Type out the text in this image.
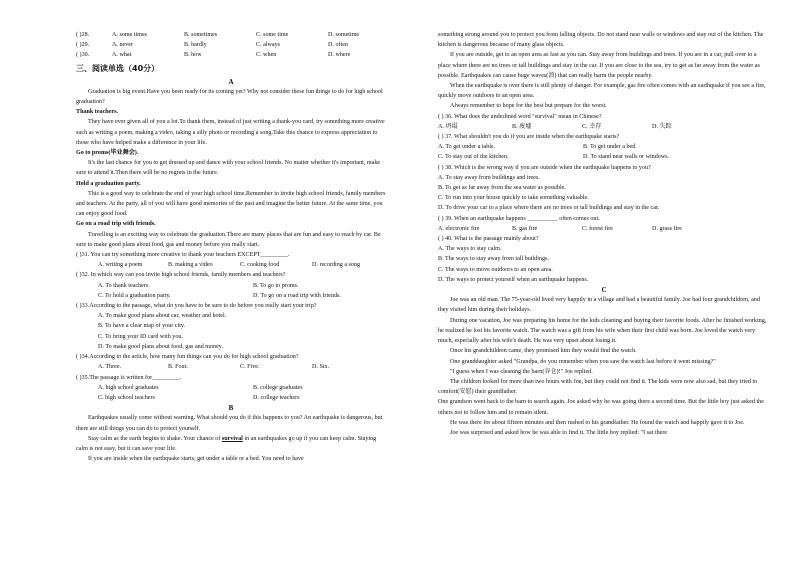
( )28.	A. some times	B. sometimes	C. some time	D. sometime
( )29.	A. never	B. hardly	C. always	D. often
( )30.	A. what	B. how	C. when	D. where
三、阅读单选（40分）

A

Graduation is big event.Have you been ready for its coming yet? Why not consider these fun things to do for high school graduation?

Thank teachers.

They have ever given all of you a lot.To thank them, instead of just writing a thank-you card, try something more creative such as writing a poem, making a video, taking a silly photo or recording a song.Take this chance to express appreciation to those who have helped make a difference in your life.

Go to proms(毕业舞会).

It's the last chance for you to get dressed up and dance with your school friends. No matter whether it's important, make sure to attend it.Then there will be no regrets in the future.

Hold a graduation party.

This is a good way to celebrate the end of your high school time.Remember to invite high school friends, family members and teachers. At the party, all of you will have good memories of the past and imagine the better future. At the same time, you can enjoy good food.

Go on a road trip with friends.

Travelling is an exciting way to celebrate the graduation.There are many places that are fun and easy to reach by car. Be sure to make good plans about food, gas and money before you really start.

( )31. You can try something more creative to thank your teachers EXCEPT_________.

A. writing a poem	B. making a video	C. cooking food	D. recording a song

( )32. In which way can you invite high school friends, family members and teachers?

A. To thank teachers.	B. To go to proms.
C. To hold a graduation party.	D. To go on a road trip with friends.

( )33.According to the passage, what do you have to be sure to do before you really start your trip?

A. To make good plans about car, weather and hotel.

B. To have a clear map of your city.

C. To bring your ID card with you.

D. To make good plans about food, gas and money.

( )34.According to the article, how many fun things can you do for high school graduation?

A. Three.	B. Four.	C. Five.	D. Six.

( )35.The passage is written for_________.

A. high school graduates	B. college graduates
C. high school teachers	D. college teachers

B

Earthquakes usually come without warning. What should you do if this happens to you? An earthquake is dangerous, but there are still things you can do to protect yourself.

Stay calm as the earth begins to shake. Your chance of survival in an earthquakes go up if you can keep calm. Staying calm is not easy, but it can save your life.

If you are inside when the earthquake starts, get under a table or a bed. You need to have

something strong around you to protect you from falling objects. Do not stand near walls or windows and stay out of the kitchen. The kitchen is dangerous because of many glass objects.

If you are outside, get to an open area as fast as you can. Stay away from buildings and trees. If you are in a car, pull over to a place where there are no trees or tall buildings and stay in the car. If you are close to the sea, try to get as far away from the water as possible. Earthquakes can cause huge waves(浪) that can really harm the people nearby.

When the earthquake is over there is still plenty of danger. For example, gas fire often comes with an earthquake if you see a fire, quickly move outdoors to an open area.

Always remember to hope for the best but prepare for the worst.

( ) 36. What does the underlined word "survival" mean in Chinese?

A. 坍塌	B. 废墟	C. 幸存	D. 失踪

( ) 37. What shouldn't you do if you are inside when the earthquake starts?

A. To get under a table.	B. To get under a bed.
C. To stay out of the kitchen.	D. To stand near walls or windows.

( ) 38. Which is the wrong way if you are outside when the earthquake happens to you?

A. To stay away from buildings and trees.

B. To get as far away from the sea water as possible.

C. To run into your house quickly to take something valuable.

D. To drive your car to a place where there are no trees or tall buildings and stay in the car.

( ) 39. When an earthquake happens __________ often comes out.

A. electronic fire	B. gas fire	C. forest fire	D. grass fire

( ) 40. What is the passage mainly about?

A. The ways to stay calm.

B. The ways to stay away from tall buildings.

C. The ways to move outdoors to an open area.

D. The ways to protect yourself when an earthquake happens.

C

Joe was an old man. The 75-year-old lived very happily in a village and had a beautiful family. Joe had four grandchildren, and they visited him during their holidays.

During one vacation, Joe was preparing his home for the kids cleaning and buying their favorite foods. After he finished working, he realized he lost his favorite watch. The watch was a gift from his wife when their first child was born. Joe loved the watch very much, especially after his wife's death. He was very upset about losing it.

Once his grandchildren came, they promised him they would find the watch.

One granddaughter asked "Grandpa, do you remember when you saw the watch last before it went missing?"

"I guess when I was cleaning the barn(谷仓)!" Joe replied.

The children looked for more than two hours with Joe, but they could not find it. The kids were now also sad, but they tried to comfort(安慰) their grandfather.

One grandson went back to the barn to search again. Joe asked why he was going there a second time. But the little boy just asked the others not to follow him and to remain silent.

He was there for about fifteen minutes and then rushed to his grandfather. He found the watch and happily gave it to Joe.

Joe was surprised and asked how he was able to find it. The little boy replied: "I sat there
